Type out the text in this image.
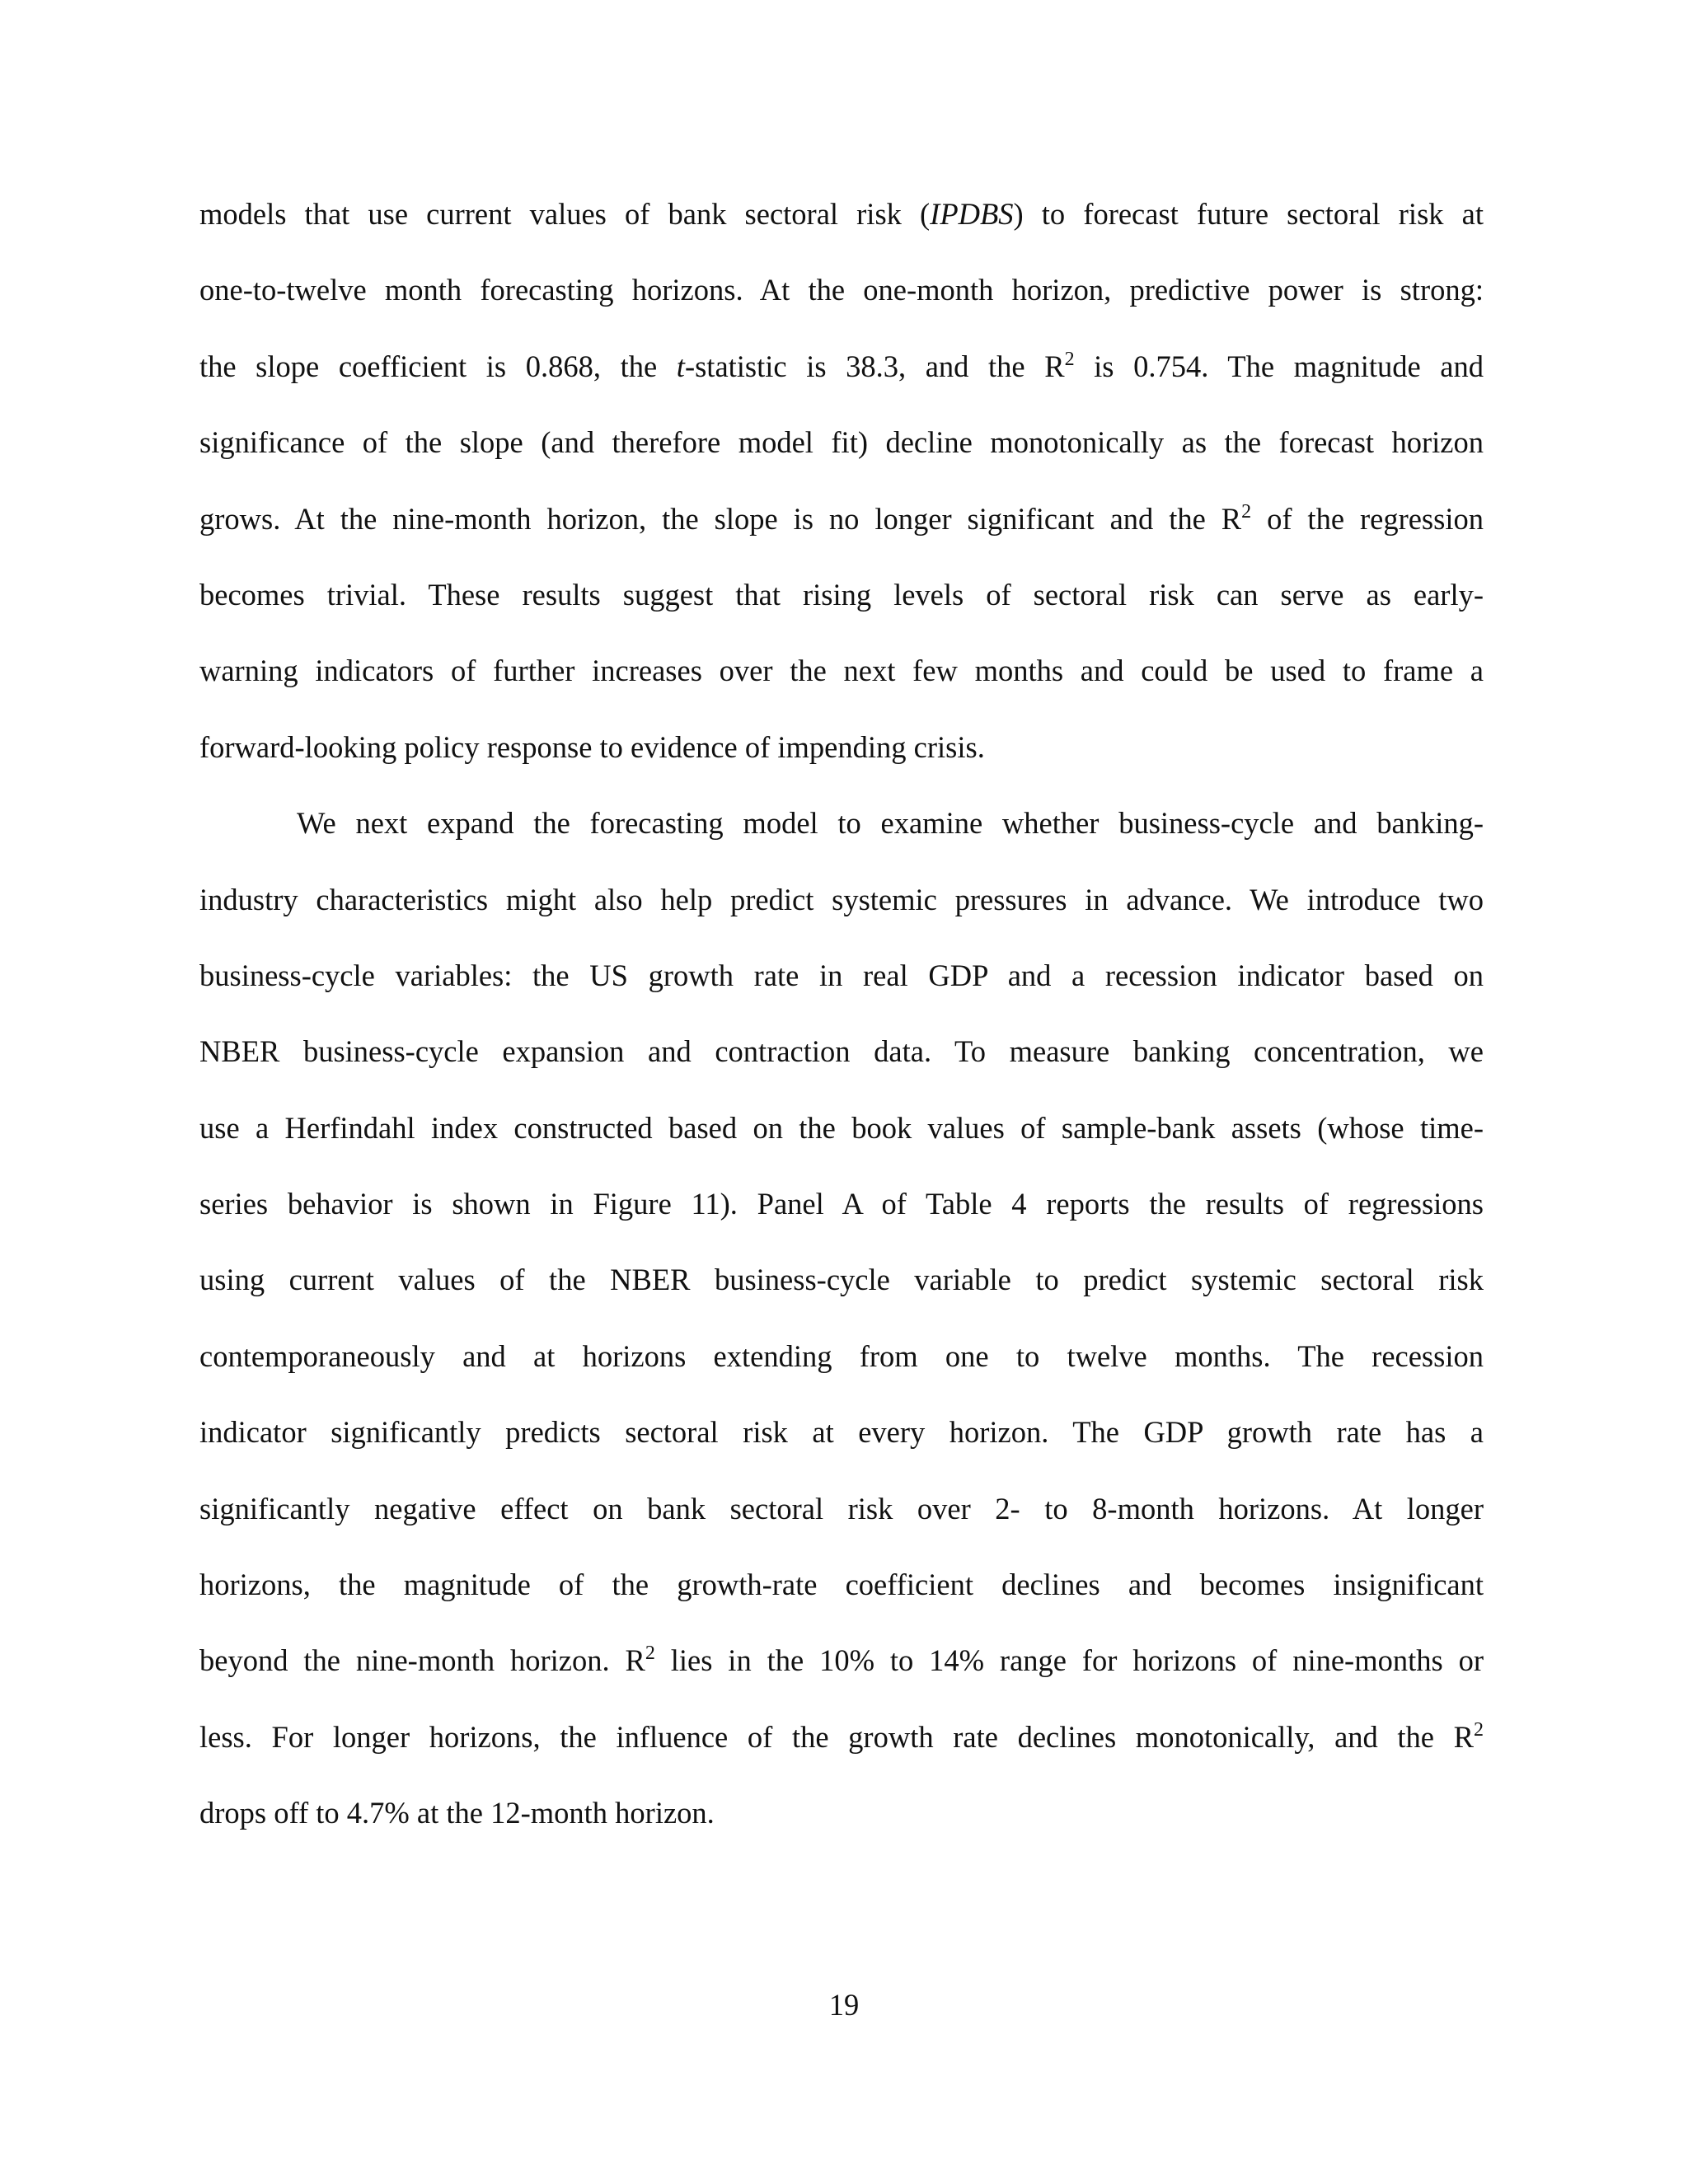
models that use current values of bank sectoral risk (IPDBS) to forecast future sectoral risk at
one-to-twelve month forecasting horizons. At the one-month horizon, predictive power is strong:
the slope coefficient is 0.868, the t-statistic is 38.3, and the $R^2$ is 0.754. The magnitude and
significance of the slope (and therefore model fit) decline monotonically as the forecast horizon
grows. At the nine-month horizon, the slope is no longer significant and the $R^2$ of the regression
becomes trivial. These results suggest that rising levels of sectoral risk can serve as early-
warning indicators of further increases over the next few months and could be used to frame a
forward-looking policy response to evidence of impending crisis.
We next expand the forecasting model to examine whether business-cycle and banking-
industry characteristics might also help predict systemic pressures in advance. We introduce two
business-cycle variables: the US growth rate in real GDP and a recession indicator based on
NBER business-cycle expansion and contraction data. To measure banking concentration, we
use a Herfindahl index constructed based on the book values of sample-bank assets (whose time-
series behavior is shown in Figure 11). Panel A of Table 4 reports the results of regressions
using current values of the NBER business-cycle variable to predict systemic sectoral risk
contemporaneously and at horizons extending from one to twelve months. The recession
indicator significantly predicts sectoral risk at every horizon. The GDP growth rate has a
significantly negative effect on bank sectoral risk over 2- to 8-month horizons. At longer
horizons, the magnitude of the growth-rate coefficient declines and becomes insignificant
beyond the nine-month horizon. $R^2$ lies in the 10% to 14% range for horizons of nine-months or
less. For longer horizons, the influence of the growth rate declines monotonically, and the $R^2$
drops off to 4.7% at the 12-month horizon.
19
